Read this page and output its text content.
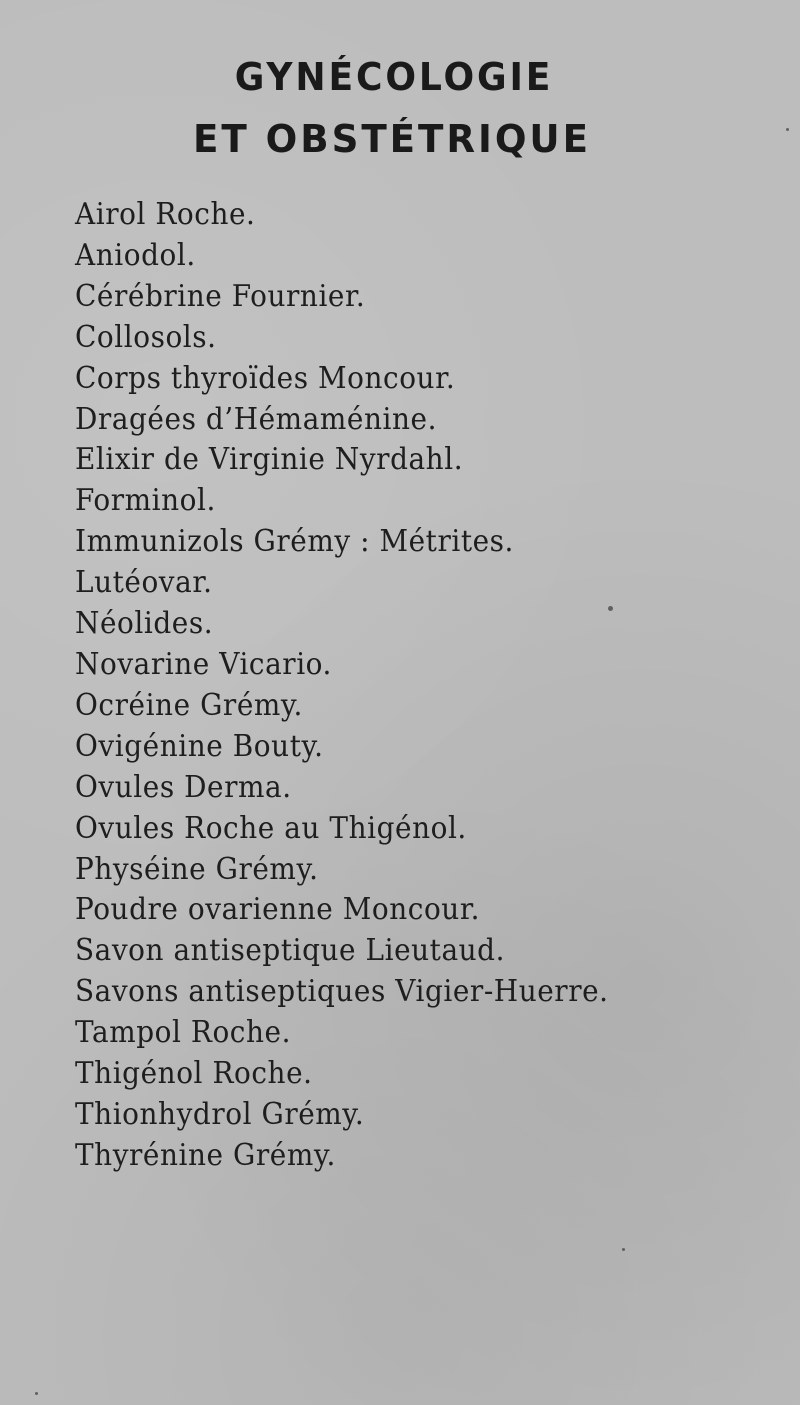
GYNÉCOLOGIE
ET OBSTÉTRIQUE
Airol Roche.
Aniodol.
Cérébrine Fournier.
Collosols.
Corps thyroïdes Moncour.
Dragées d’Hémaménine.
Elixir de Virginie Nyrdahl.
Forminol.
Immunizols Grémy : Métrites.
Lutéovar.
Néolides.
Novarine Vicario.
Ocréine Grémy.
Ovigénine Bouty.
Ovules Derma.
Ovules Roche au Thigénol.
Physéine Grémy.
Poudre ovarienne Moncour.
Savon antiseptique Lieutaud.
Savons antiseptiques Vigier-Huerre.
Tampol Roche.
Thigénol Roche.
Thionhydrol Grémy.
Thyrénine Grémy.
